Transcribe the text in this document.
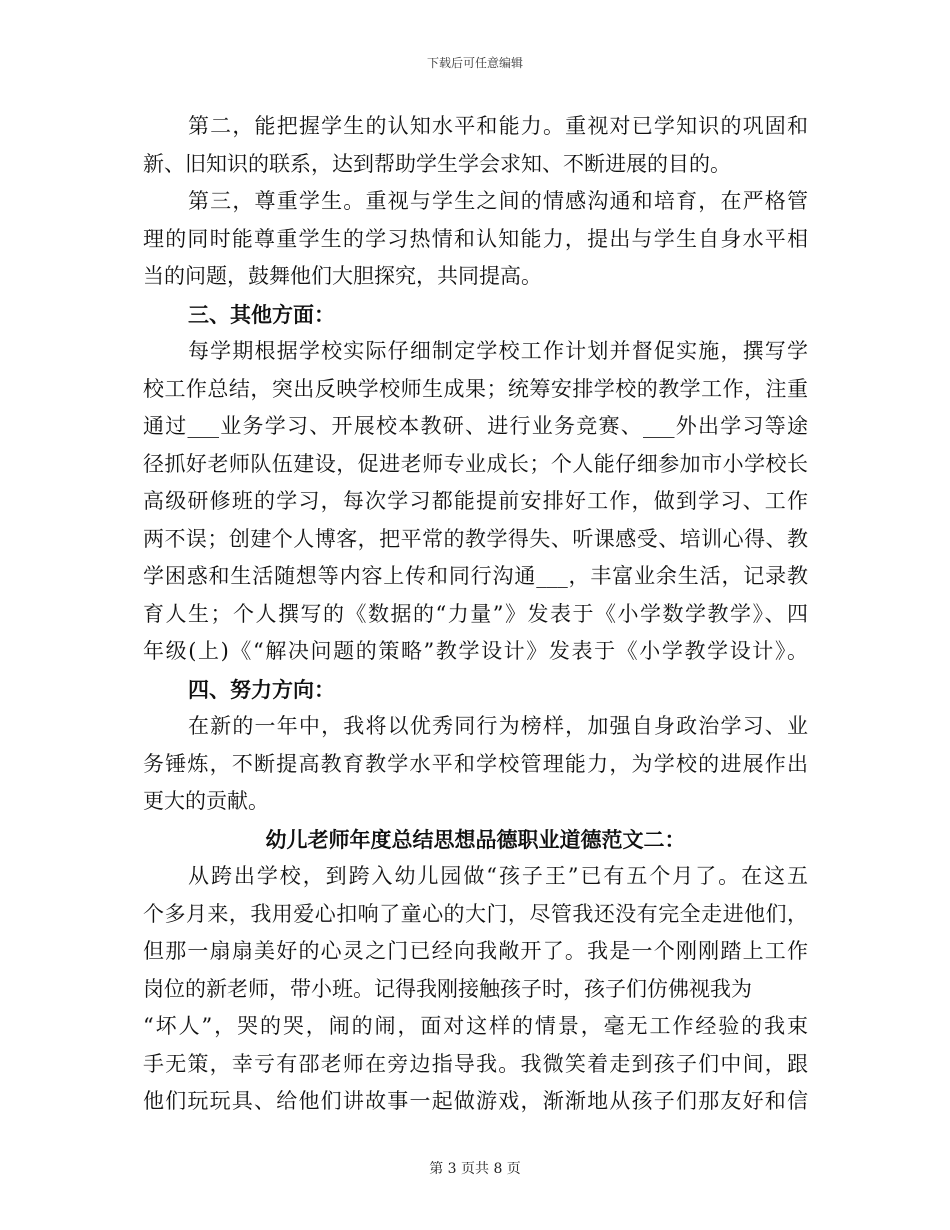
下载后可任意编辑
第二，能把握学生的认知水平和能力。重视对已学知识的巩固和
新、旧知识的联系，达到帮助学生学会求知、不断进展的目的。
第三，尊重学生。重视与学生之间的情感沟通和培育，在严格管
理的同时能尊重学生的学习热情和认知能力，提出与学生自身水平相
当的问题，鼓舞他们大胆探究，共同提高。
三、其他方面：
每学期根据学校实际仔细制定学校工作计划并督促实施，撰写学
校工作总结，突出反映学校师生成果；统筹安排学校的教学工作，注重
通过___业务学习、开展校本教研、进行业务竞赛、___外出学习等途
径抓好老师队伍建设，促进老师专业成长；个人能仔细参加市小学校长
高级研修班的学习，每次学习都能提前安排好工作，做到学习、工作
两不误；创建个人博客，把平常的教学得失、听课感受、培训心得、教
学困惑和生活随想等内容上传和同行沟通___，丰富业余生活，记录教
育人生；个人撰写的《数据的“力量”》发表于《小学数学教学》、四
年级(上)《“解决问题的策略”教学设计》发表于《小学教学设计》。
四、努力方向：
在新的一年中，我将以优秀同行为榜样，加强自身政治学习、业
务锤炼，不断提高教育教学水平和学校管理能力，为学校的进展作出
更大的贡献。
幼儿老师年度总结思想品德职业道德范文二：
从跨出学校，到跨入幼儿园做“孩子王”已有五个月了。在这五
个多月来，我用爱心扣响了童心的大门，尽管我还没有完全走进他们，
但那一扇扇美好的心灵之门已经向我敞开了。我是一个刚刚踏上工作
岗位的新老师，带小班。记得我刚接触孩子时，孩子们仿佛视我为
“坏人”，哭的哭，闹的闹，面对这样的情景，毫无工作经验的我束
手无策，幸亏有邵老师在旁边指导我。我微笑着走到孩子们中间，跟
他们玩玩具、给他们讲故事一起做游戏，渐渐地从孩子们那友好和信
第 3 页共 8 页
